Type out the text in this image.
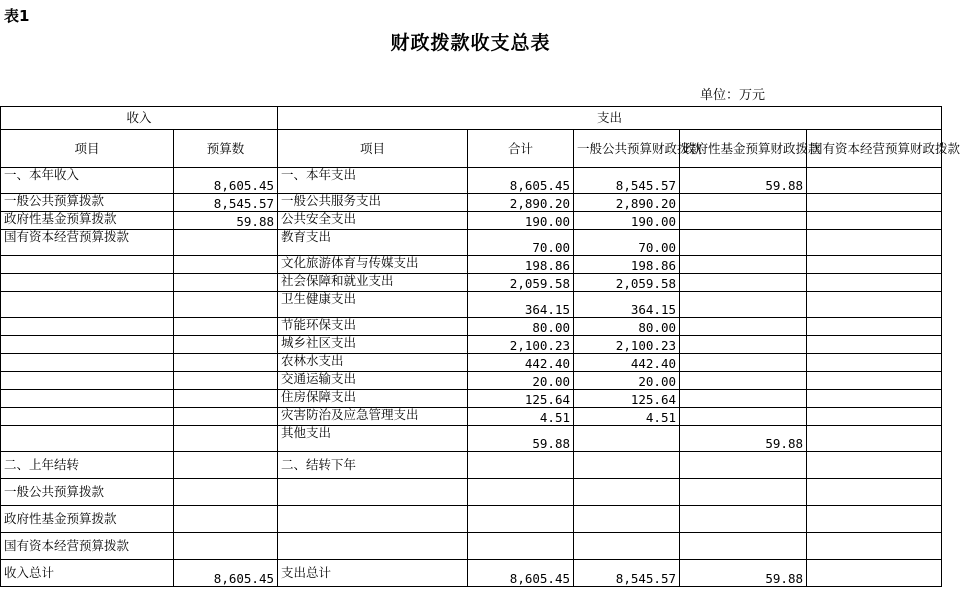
表1
财政拨款收支总表
单位：万元
收入		支出				
项目	预算数	项目	合计	一般公共预算财政拨款	政府性基金预算财政拨款	国有资本经营预算财政拨款
一、本年收入	8,605.45	一、本年支出	8,605.45	8,545.57	59.88	
一般公共预算拨款	8,545.57	一般公共服务支出	2,890.20	2,890.20		
政府性基金预算拨款	59.88	公共安全支出	190.00	190.00		
国有资本经营预算拨款		教育支出	70.00	70.00		
		文化旅游体育与传媒支出	198.86	198.86		
		社会保障和就业支出	2,059.58	2,059.58		
		卫生健康支出	364.15	364.15		
		节能环保支出	80.00	80.00		
		城乡社区支出	2,100.23	2,100.23		
		农林水支出	442.40	442.40		
		交通运输支出	20.00	20.00		
		住房保障支出	125.64	125.64		
		灾害防治及应急管理支出	4.51	4.51		
		其他支出	59.88		59.88	
二、上年结转		二、结转下年				
一般公共预算拨款						
政府性基金预算拨款						
国有资本经营预算拨款						
收入总计	8,605.45	支出总计	8,605.45	8,545.57	59.88	
